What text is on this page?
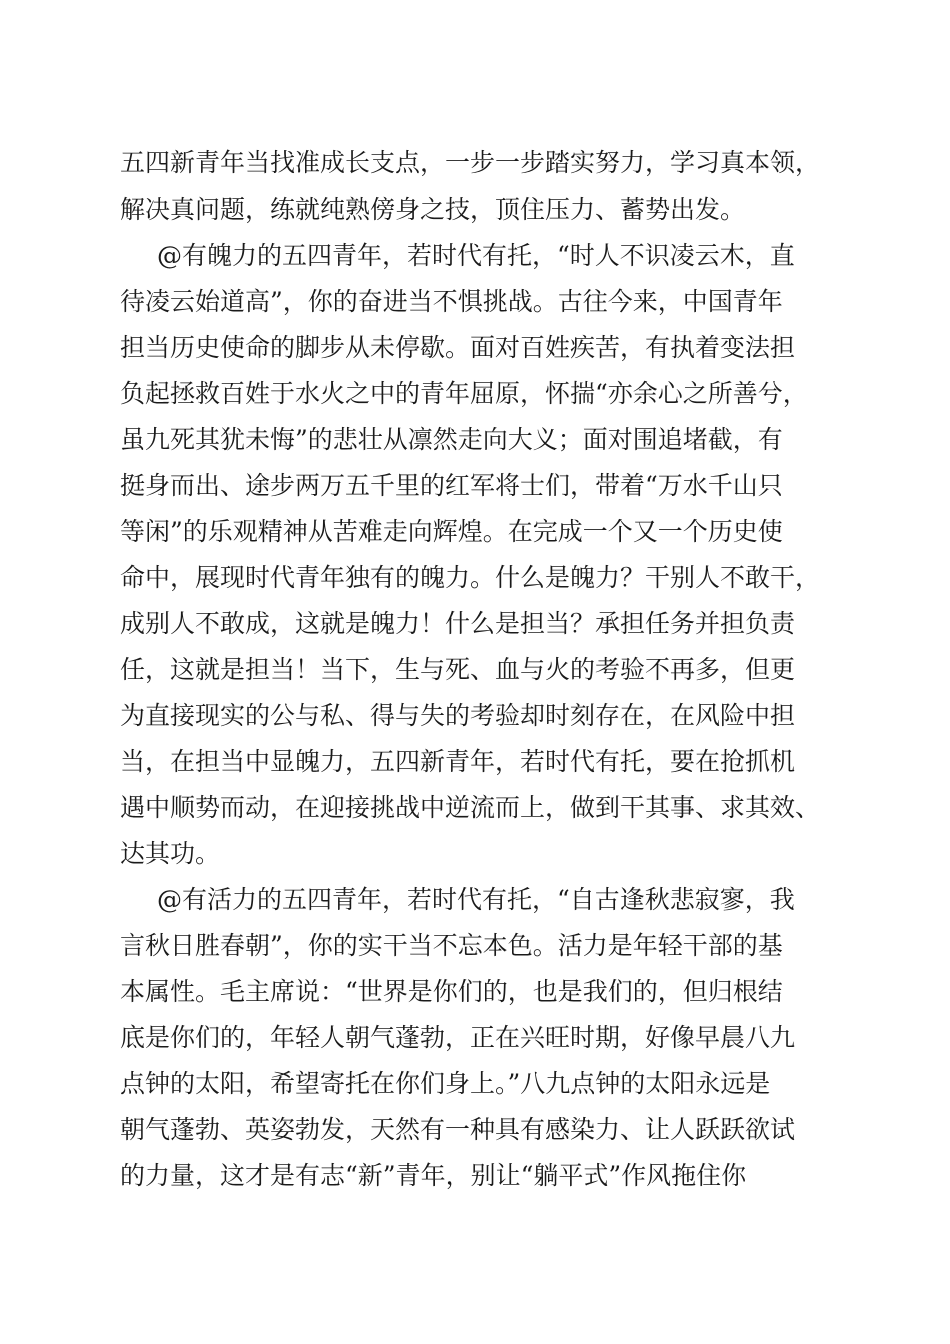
五四新青年当找准成长支点，一步一步踏实努力，学习真本领，
解决真问题，练就纯熟傍身之技，顶住压力、蓄势出发。
@有魄力的五四青年，若时代有托，“时人不识凌云木，直
待凌云始道高”，你的奋进当不惧挑战。古往今来，中国青年
担当历史使命的脚步从未停歇。面对百姓疾苦，有执着变法担
负起拯救百姓于水火之中的青年屈原，怀揣“亦余心之所善兮，
虽九死其犹未悔”的悲壮从凛然走向大义；面对围追堵截，有
挺身而出、途步两万五千里的红军将士们，带着“万水千山只
等闲”的乐观精神从苦难走向辉煌。在完成一个又一个历史使
命中，展现时代青年独有的魄力。什么是魄力？干别人不敢干，
成别人不敢成，这就是魄力！什么是担当？承担任务并担负责
任，这就是担当！当下，生与死、血与火的考验不再多，但更
为直接现实的公与私、得与失的考验却时刻存在，在风险中担
当，在担当中显魄力，五四新青年，若时代有托，要在抢抓机
遇中顺势而动，在迎接挑战中逆流而上，做到干其事、求其效、
达其功。
@有活力的五四青年，若时代有托，“自古逢秋悲寂寥，我
言秋日胜春朝”，你的实干当不忘本色。活力是年轻干部的基
本属性。毛主席说：“世界是你们的，也是我们的，但归根结
底是你们的，年轻人朝气蓬勃，正在兴旺时期，好像早晨八九
点钟的太阳，希望寄托在你们身上。”八九点钟的太阳永远是
朝气蓬勃、英姿勃发，天然有一种具有感染力、让人跃跃欲试
的力量，这才是有志“新”青年，别让“躺平式”作风拖住你
